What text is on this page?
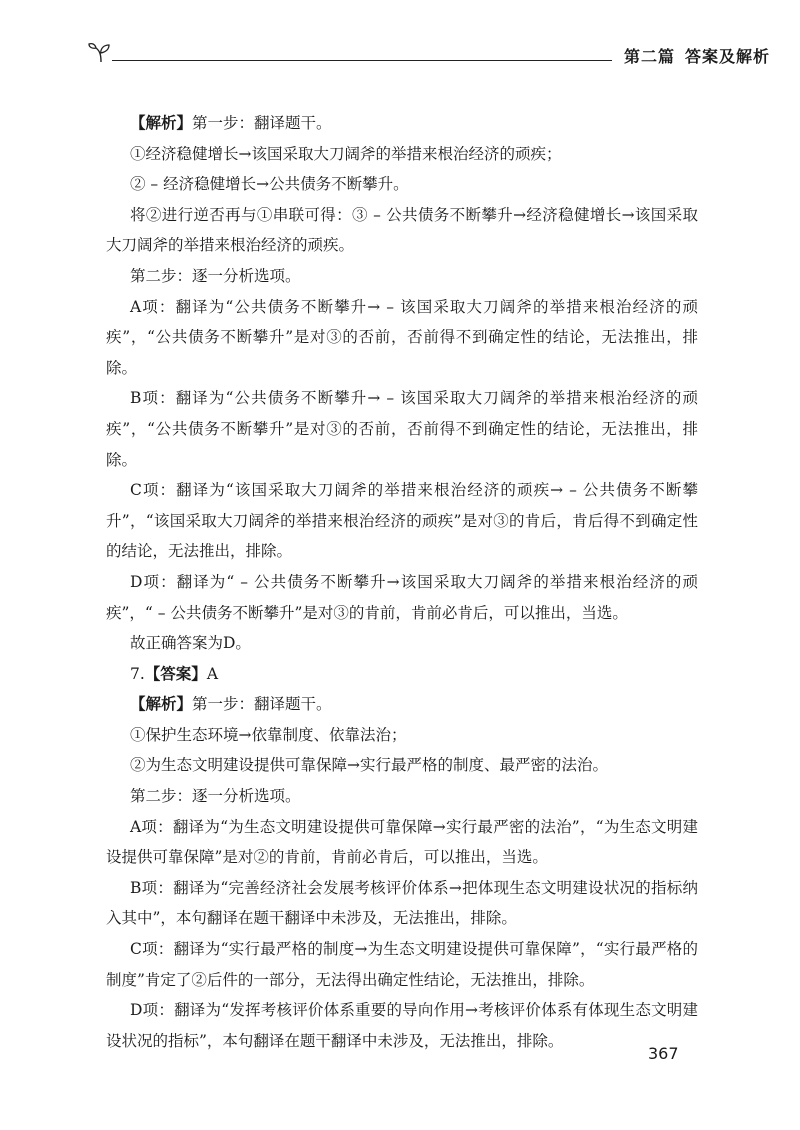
第二篇 答案及解析

【解析】第一步：翻译题干。

①经济稳健增长→该国采取大刀阔斧的举措来根治经济的顽疾；

② – 经济稳健增长→公共债务不断攀升。

将②进行逆否再与①串联可得：③ – 公共债务不断攀升→经济稳健增长→该国采取大刀阔斧的举措来根治经济的顽疾。

第二步：逐一分析选项。

A项：翻译为“公共债务不断攀升→ – 该国采取大刀阔斧的举措来根治经济的顽疾”，“公共债务不断攀升”是对③的否前，否前得不到确定性的结论，无法推出，排除。

B项：翻译为“公共债务不断攀升→ – 该国采取大刀阔斧的举措来根治经济的顽疾”，“公共债务不断攀升”是对③的否前，否前得不到确定性的结论，无法推出，排除。

C项：翻译为“该国采取大刀阔斧的举措来根治经济的顽疾→ – 公共债务不断攀升”，“该国采取大刀阔斧的举措来根治经济的顽疾”是对③的肯后，肯后得不到确定性的结论，无法推出，排除。

D项：翻译为“ – 公共债务不断攀升→该国采取大刀阔斧的举措来根治经济的顽疾”，“ – 公共债务不断攀升”是对③的肯前，肯前必肯后，可以推出，当选。

故正确答案为D。

7.【答案】A

【解析】第一步：翻译题干。

①保护生态环境→依靠制度、依靠法治；

②为生态文明建设提供可靠保障→实行最严格的制度、最严密的法治。

第二步：逐一分析选项。

A项：翻译为“为生态文明建设提供可靠保障→实行最严密的法治”，“为生态文明建设提供可靠保障”是对②的肯前，肯前必肯后，可以推出，当选。

B项：翻译为“完善经济社会发展考核评价体系→把体现生态文明建设状况的指标纳入其中”，本句翻译在题干翻译中未涉及，无法推出，排除。

C项：翻译为“实行最严格的制度→为生态文明建设提供可靠保障”，“实行最严格的制度”肯定了②后件的一部分，无法得出确定性结论，无法推出，排除。

D项：翻译为“发挥考核评价体系重要的导向作用→考核评价体系有体现生态文明建设状况的指标”，本句翻译在题干翻译中未涉及，无法推出，排除。

367
